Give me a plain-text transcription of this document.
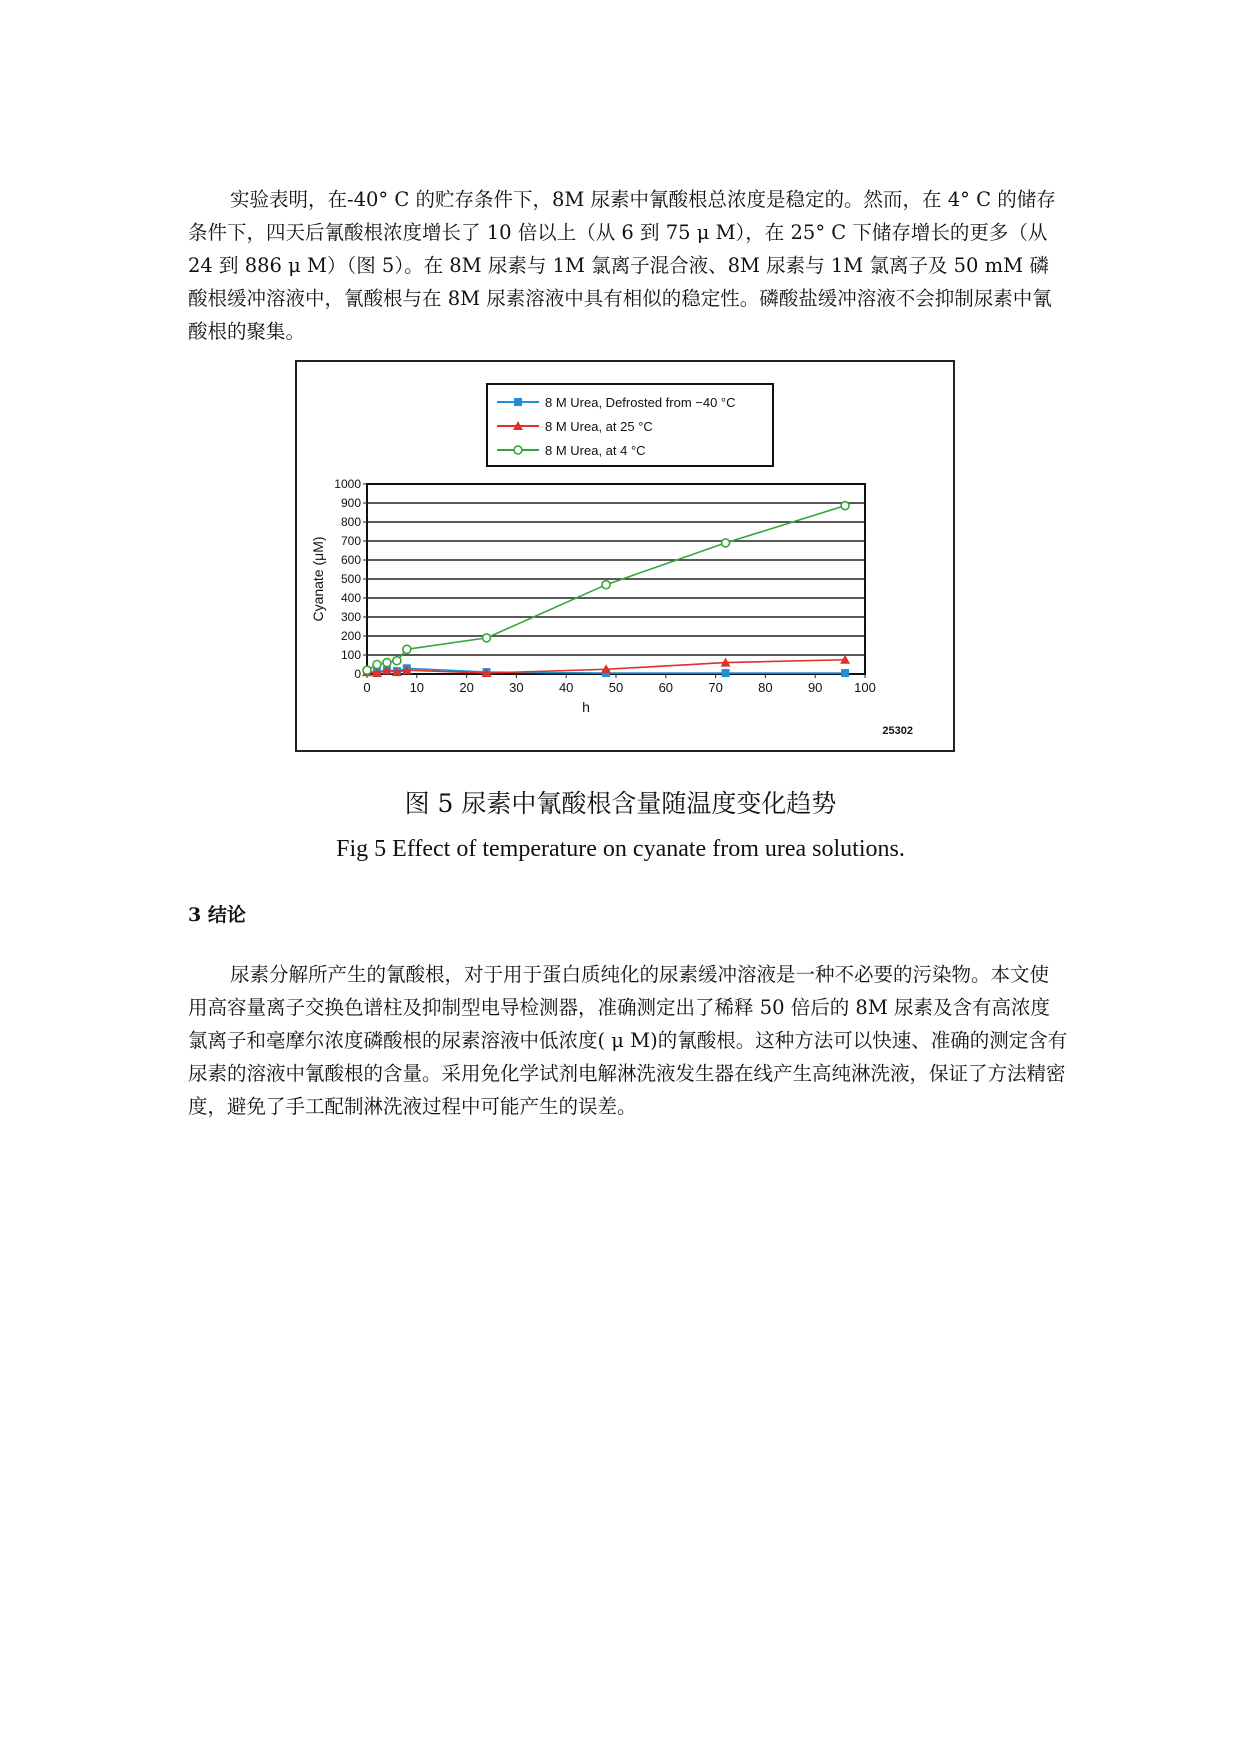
实验表明，在-40° C 的贮存条件下，8M 尿素中氰酸根总浓度是稳定的。然而，在 4° C 的储存条件下，四天后氰酸根浓度增长了 10 倍以上（从 6 到 75 μ M），在 25° C 下储存增长的更多（从 24 到 886 μ M）（图 5）。在 8M 尿素与 1M 氯离子混合液、8M 尿素与 1M 氯离子及 50 mM 磷酸根缓冲溶液中，氰酸根与在 8M 尿素溶液中具有相似的稳定性。磷酸盐缓冲溶液不会抑制尿素中氰酸根的聚集。
0
100
200
300
400
500
600
700
800
900
1000
0	10	20	30	40	50	60	70	80	90 100
h
Cyanate (μM)
8 M Urea, Defrosted from −40 °C
8 M Urea, at 25 °C
8 M Urea, at 4 °C
25302
图 5 尿素中氰酸根含量随温度变化趋势
Fig 5 Effect of temperature on cyanate from urea solutions.
3 结论
尿素分解所产生的氰酸根，对于用于蛋白质纯化的尿素缓冲溶液是一种不必要的污染物。本文使用高容量离子交换色谱柱及抑制型电导检测器，准确测定出了稀释 50 倍后的 8M 尿素及含有高浓度氯离子和毫摩尔浓度磷酸根的尿素溶液中低浓度( μ M)的氰酸根。这种方法可以快速、准确的测定含有尿素的溶液中氰酸根的含量。采用免化学试剂电解淋洗液发生器在线产生高纯淋洗液，保证了方法精密度，避免了手工配制淋洗液过程中可能产生的误差。
